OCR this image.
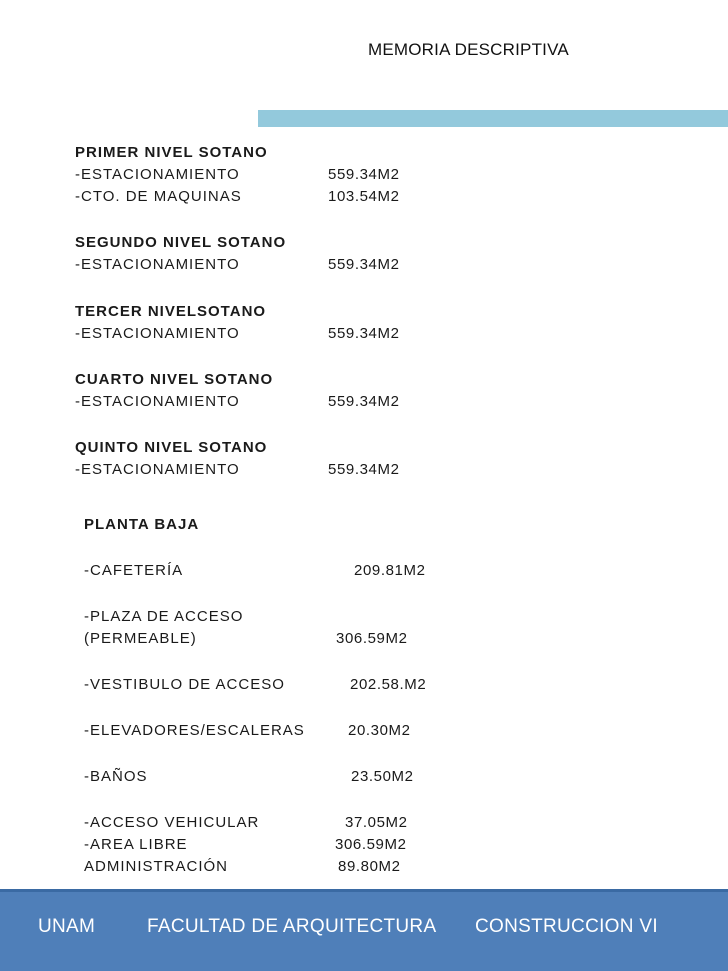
MEMORIA DESCRIPTIVA
PRIMER NIVEL SOTANO
-ESTACIONAMIENTO	559.34M2
-CTO. DE MAQUINAS	103.54M2
SEGUNDO NIVEL SOTANO
-ESTACIONAMIENTO	559.34M2
TERCER NIVELSOTANO
-ESTACIONAMIENTO	559.34M2
CUARTO NIVEL SOTANO
-ESTACIONAMIENTO	559.34M2
QUINTO NIVEL SOTANO
-ESTACIONAMIENTO	559.34M2
PLANTA BAJA
-CAFETERÍA	209.81M2
-PLAZA DE ACCESO
(PERMEABLE)	306.59M2
-VESTIBULO DE ACCESO	202.58.M2
-ELEVADORES/ESCALERAS	20.30M2
-BAÑOS	23.50M2
-ACCESO VEHICULAR	37.05M2
-AREA LIBRE	306.59M2
ADMINISTRACIÓN	89.80M2
UNAM	FACULTAD DE ARQUITECTURA CONSTRUCCION VI
